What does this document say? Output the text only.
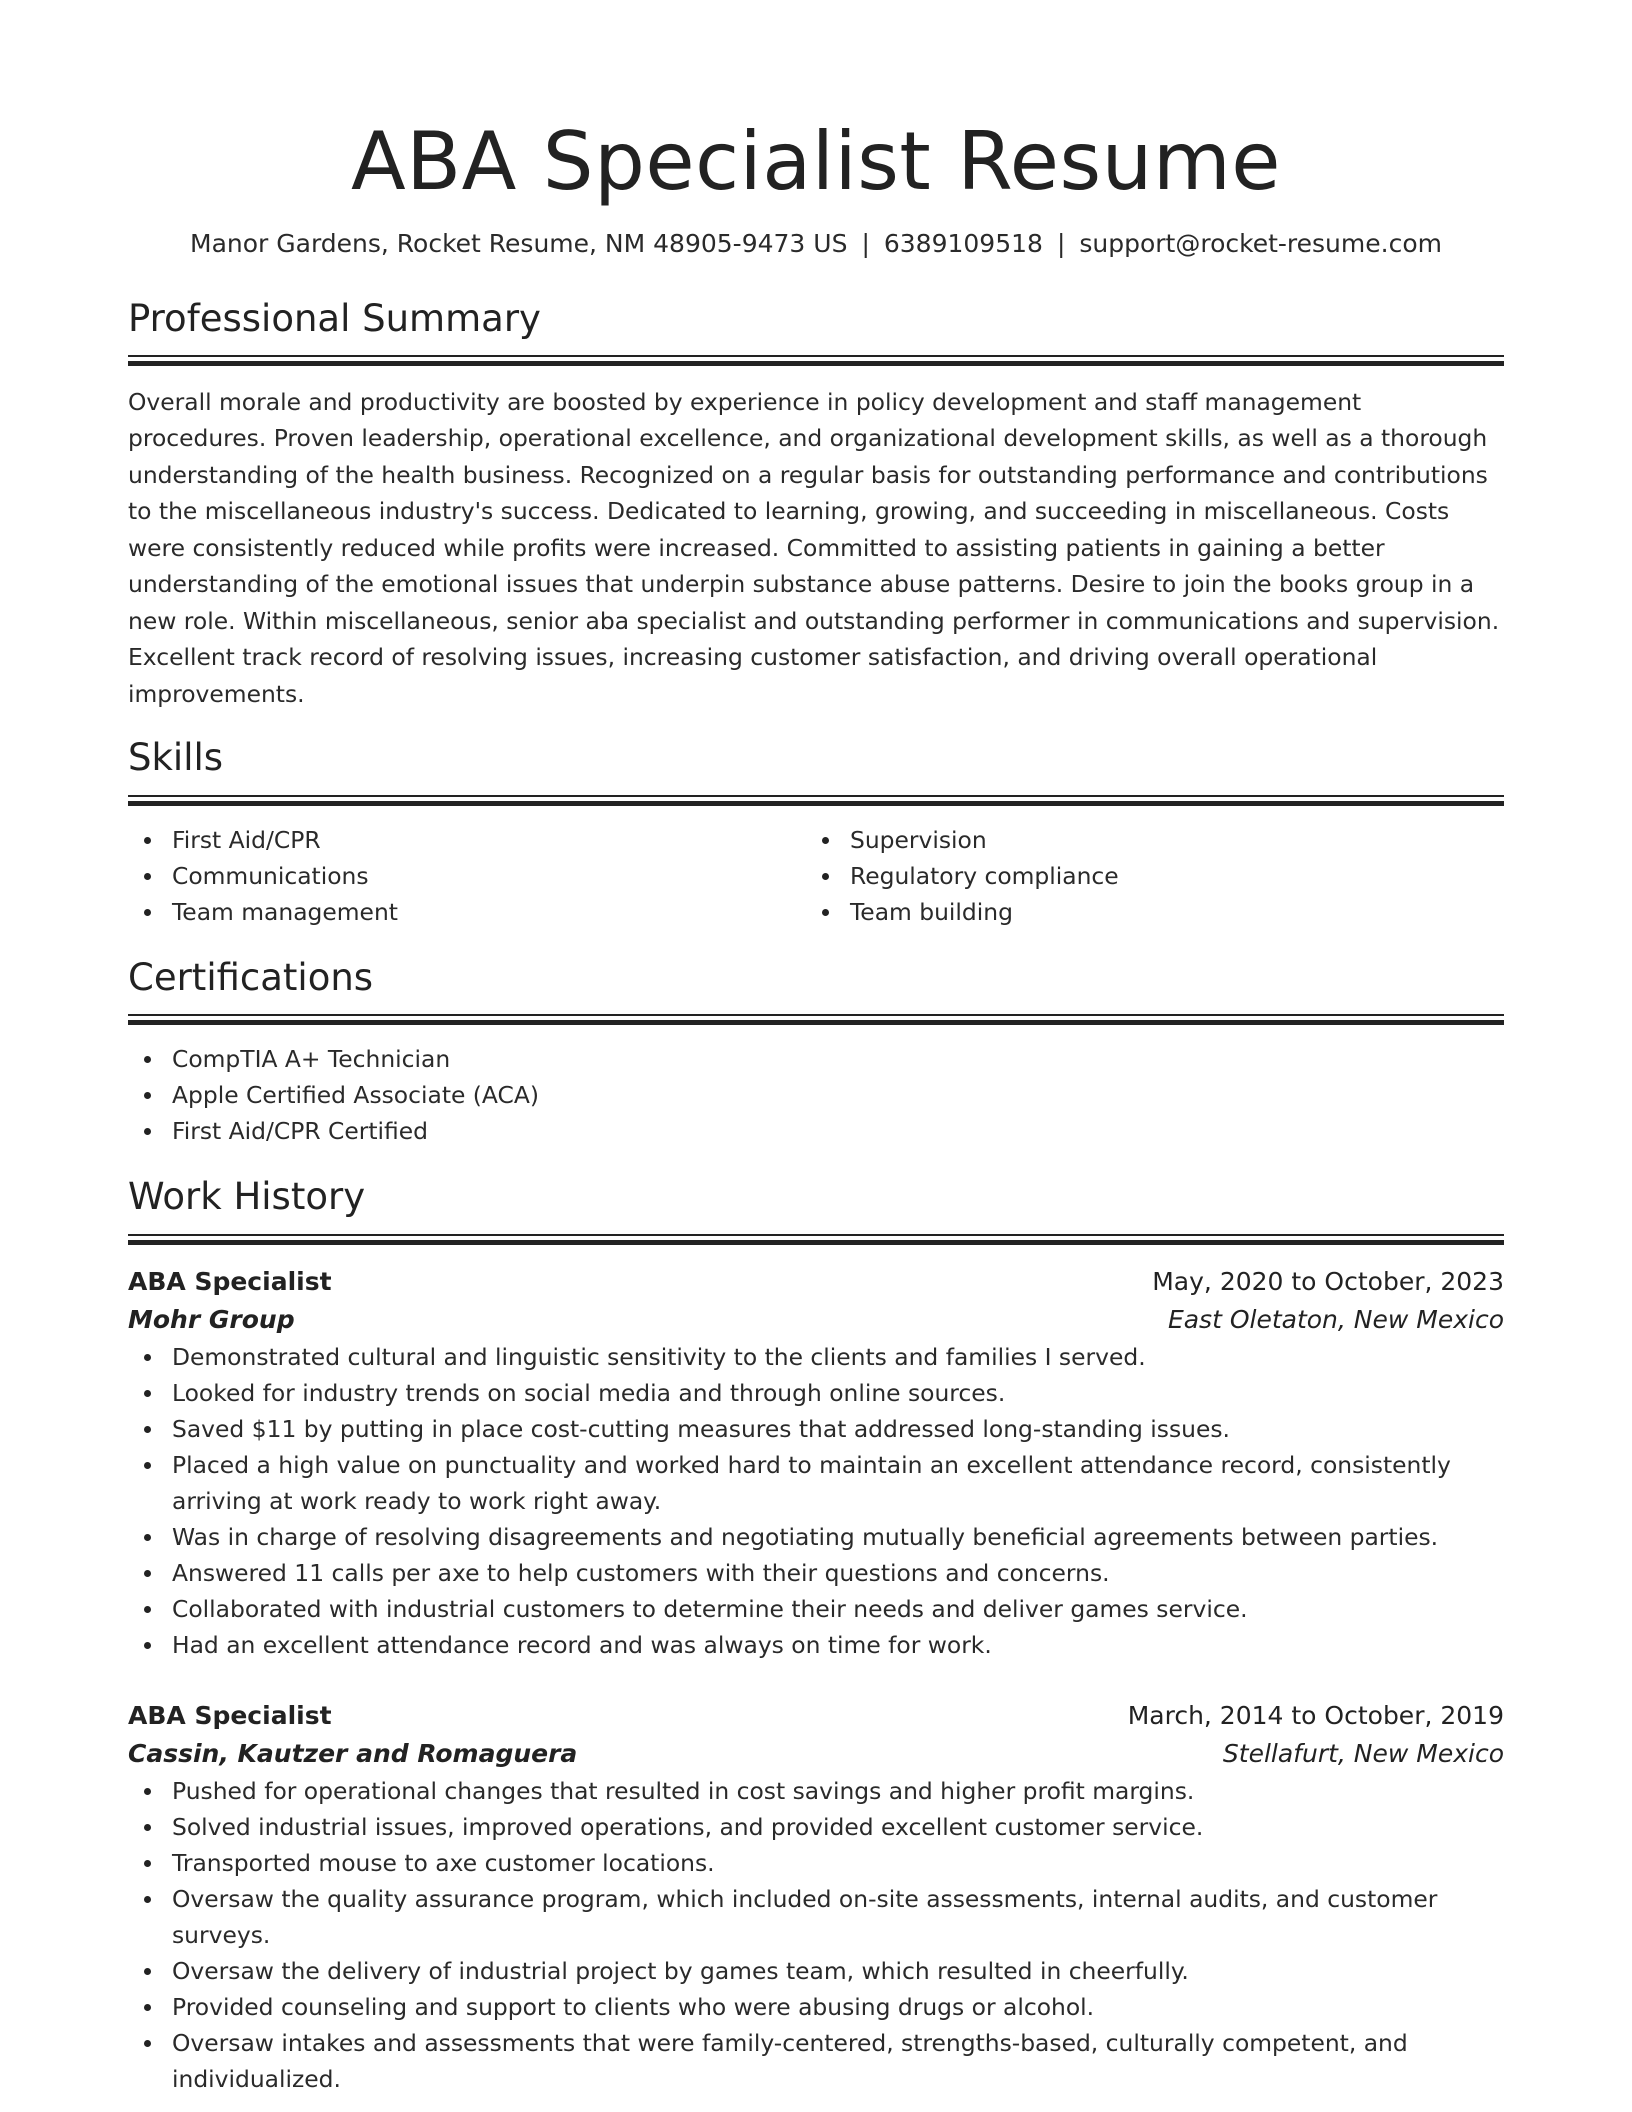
ABA Specialist Resume
Manor Gardens, Rocket Resume, NM 48905-9473 US | 6389109518 | support@rocket-resume.com
Professional Summary
Overall morale and productivity are boosted by experience in policy development and staff management procedures. Proven leadership, operational excellence, and organizational development skills, as well as a thorough understanding of the health business. Recognized on a regular basis for outstanding performance and contributions to the miscellaneous industry's success. Dedicated to learning, growing, and succeeding in miscellaneous. Costs were consistently reduced while profits were increased. Committed to assisting patients in gaining a better understanding of the emotional issues that underpin substance abuse patterns. Desire to join the books group in a new role. Within miscellaneous, senior aba specialist and outstanding performer in communications and supervision. Excellent track record of resolving issues, increasing customer satisfaction, and driving overall operational improvements.
Skills
First Aid/CPR
Communications
Team management
Supervision
Regulatory compliance
Team building
Certifications
CompTIA A+ Technician
Apple Certified Associate (ACA)
First Aid/CPR Certified
Work History
ABA Specialist	May, 2020 to October, 2023
Mohr Group	East Oletaton, New Mexico
Demonstrated cultural and linguistic sensitivity to the clients and families I served.
Looked for industry trends on social media and through online sources.
Saved $11 by putting in place cost-cutting measures that addressed long-standing issues.
Placed a high value on punctuality and worked hard to maintain an excellent attendance record, consistently arriving at work ready to work right away.
Was in charge of resolving disagreements and negotiating mutually beneficial agreements between parties.
Answered 11 calls per axe to help customers with their questions and concerns.
Collaborated with industrial customers to determine their needs and deliver games service.
Had an excellent attendance record and was always on time for work.
ABA Specialist	March, 2014 to October, 2019
Cassin, Kautzer and Romaguera	Stellafurt, New Mexico
Pushed for operational changes that resulted in cost savings and higher profit margins.
Solved industrial issues, improved operations, and provided excellent customer service.
Transported mouse to axe customer locations.
Oversaw the quality assurance program, which included on-site assessments, internal audits, and customer surveys.
Oversaw the delivery of industrial project by games team, which resulted in cheerfully.
Provided counseling and support to clients who were abusing drugs or alcohol.
Oversaw intakes and assessments that were family-centered, strengths-based, culturally competent, and individualized.
